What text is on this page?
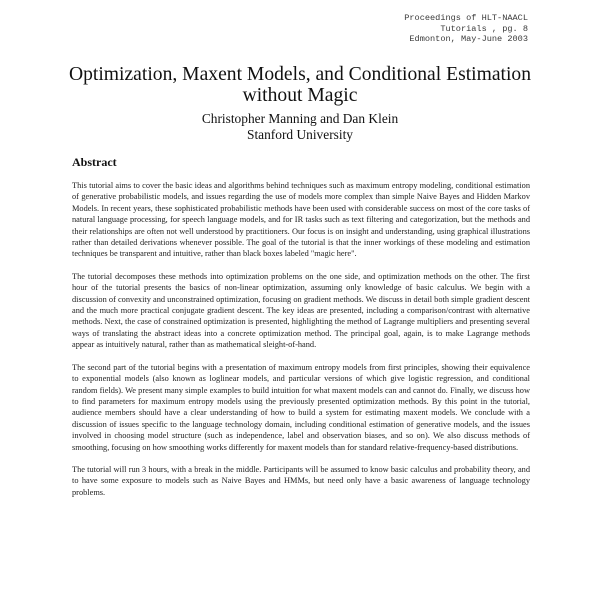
Proceedings of HLT-NAACL
Tutorials , pg. 8
Edmonton, May-June 2003
Optimization, Maxent Models, and Conditional Estimation
without Magic
Christopher Manning and Dan Klein
Stanford University
Abstract

This tutorial aims to cover the basic ideas and algorithms behind techniques such as maximum entropy modeling, conditional estimation of generative probabilistic models, and issues regarding the use of models more complex than simple Naive Bayes and Hidden Markov Models. In recent years, these sophisticated probabilistic methods have been used with considerable success on most of the core tasks of natural language processing, for speech language models, and for IR tasks such as text filtering and categorization, but the methods and their relationships are often not well understood by practitioners. Our focus is on insight and understanding, using graphical illustrations rather than detailed derivations whenever possible. The goal of the tutorial is that the inner workings of these modeling and estimation techniques be transparent and intuitive, rather than black boxes labeled "magic here".

The tutorial decomposes these methods into optimization problems on the one side, and optimization methods on the other. The first hour of the tutorial presents the basics of non-linear optimization, assuming only knowledge of basic calculus. We begin with a discussion of convexity and unconstrained optimization, focusing on gradient methods. We discuss in detail both simple gradient descent and the much more practical conjugate gradient descent. The key ideas are presented, including a comparison/contrast with alternative methods. Next, the case of constrained optimization is presented, highlighting the method of Lagrange multipliers and presenting several ways of translating the abstract ideas into a concrete optimization method. The principal goal, again, is to make Lagrange methods appear as intuitively natural, rather than as mathematical sleight-of-hand.

The second part of the tutorial begins with a presentation of maximum entropy models from first principles, showing their equivalence to exponential models (also known as loglinear models, and particular versions of which give logistic regression, and conditional random fields). We present many simple examples to build intuition for what maxent models can and cannot do. Finally, we discuss how to find parameters for maximum entropy models using the previously presented optimization methods. By this point in the tutorial, audience members should have a clear understanding of how to build a system for estimating maxent models. We conclude with a discussion of issues specific to the language technology domain, including conditional estimation of generative models, and the issues involved in choosing model structure (such as independence, label and observation biases, and so on). We also discuss methods of smoothing, focusing on how smoothing works differently for maxent models than for standard relative-frequency-based distributions.

The tutorial will run 3 hours, with a break in the middle. Participants will be assumed to know basic calculus and probability theory, and to have some exposure to models such as Naive Bayes and HMMs, but need only have a basic awareness of language technology problems.
